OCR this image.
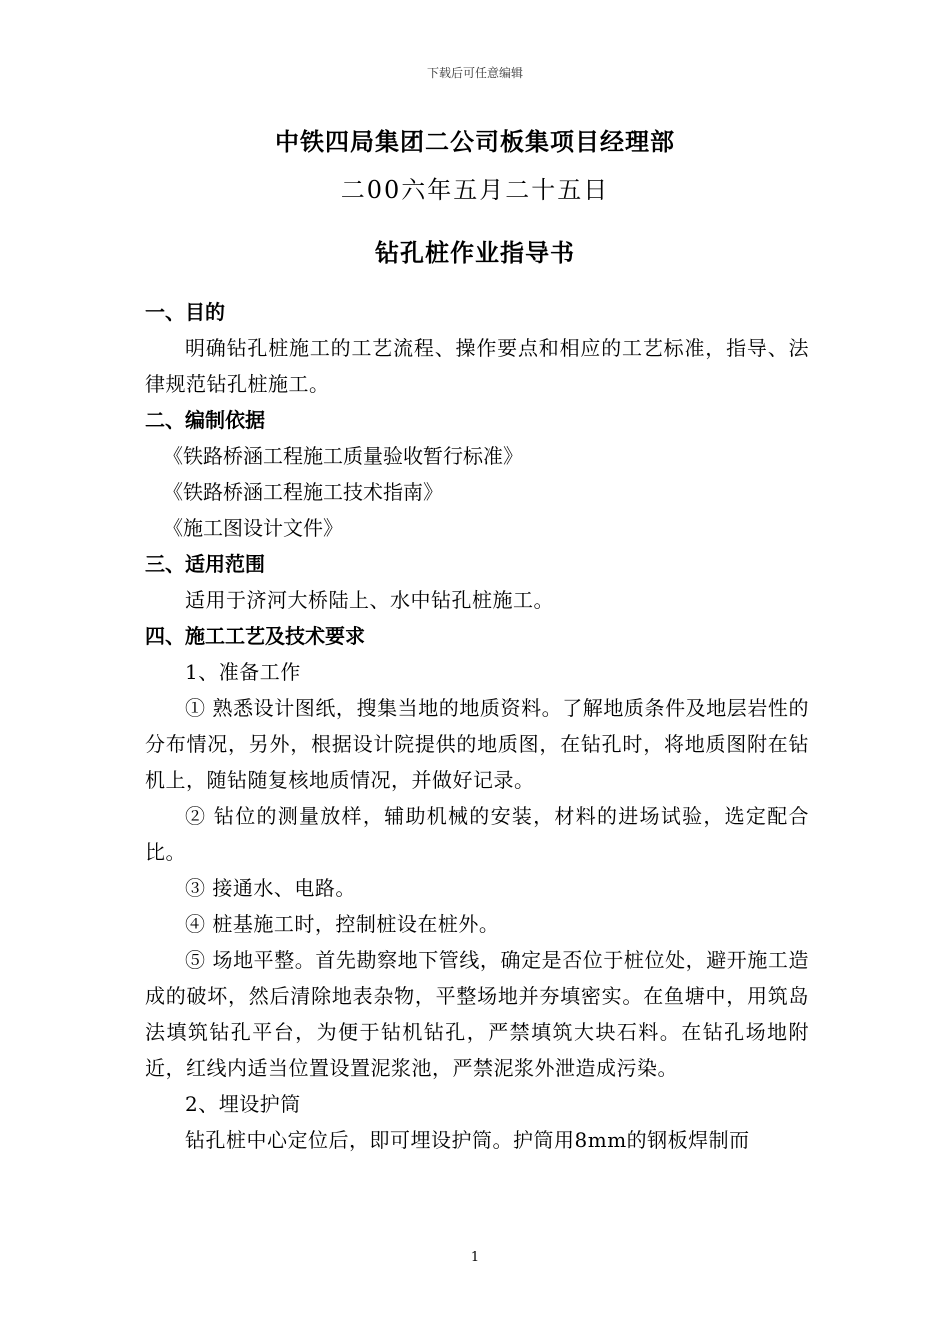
下载后可任意编辑
中铁四局集团二公司板集项目经理部
二00六年五月二十五日
钻孔桩作业指导书

一、目的

明确钻孔桩施工的工艺流程、操作要点和相应的工艺标准，指导、法律规范钻孔桩施工。

二、编制依据

《铁路桥涵工程施工质量验收暂行标准》

《铁路桥涵工程施工技术指南》

《施工图设计文件》

三、适用范围

适用于济河大桥陆上、水中钻孔桩施工。

四、施工工艺及技术要求

1、准备工作

① 熟悉设计图纸，搜集当地的地质资料。了解地质条件及地层岩性的分布情况，另外，根据设计院提供的地质图，在钻孔时，将地质图附在钻机上，随钻随复核地质情况，并做好记录。

② 钻位的测量放样，辅助机械的安装，材料的进场试验，选定配合比。

③ 接通水、电路。

④ 桩基施工时，控制桩设在桩外。

⑤ 场地平整。首先勘察地下管线，确定是否位于桩位处，避开施工造成的破坏，然后清除地表杂物，平整场地并夯填密实。在鱼塘中，用筑岛法填筑钻孔平台，为便于钻机钻孔，严禁填筑大块石料。在钻孔场地附近，红线内适当位置设置泥浆池，严禁泥浆外泄造成污染。

2、埋设护筒

钻孔桩中心定位后，即可埋设护筒。护筒用8mm的钢板焊制而

1
